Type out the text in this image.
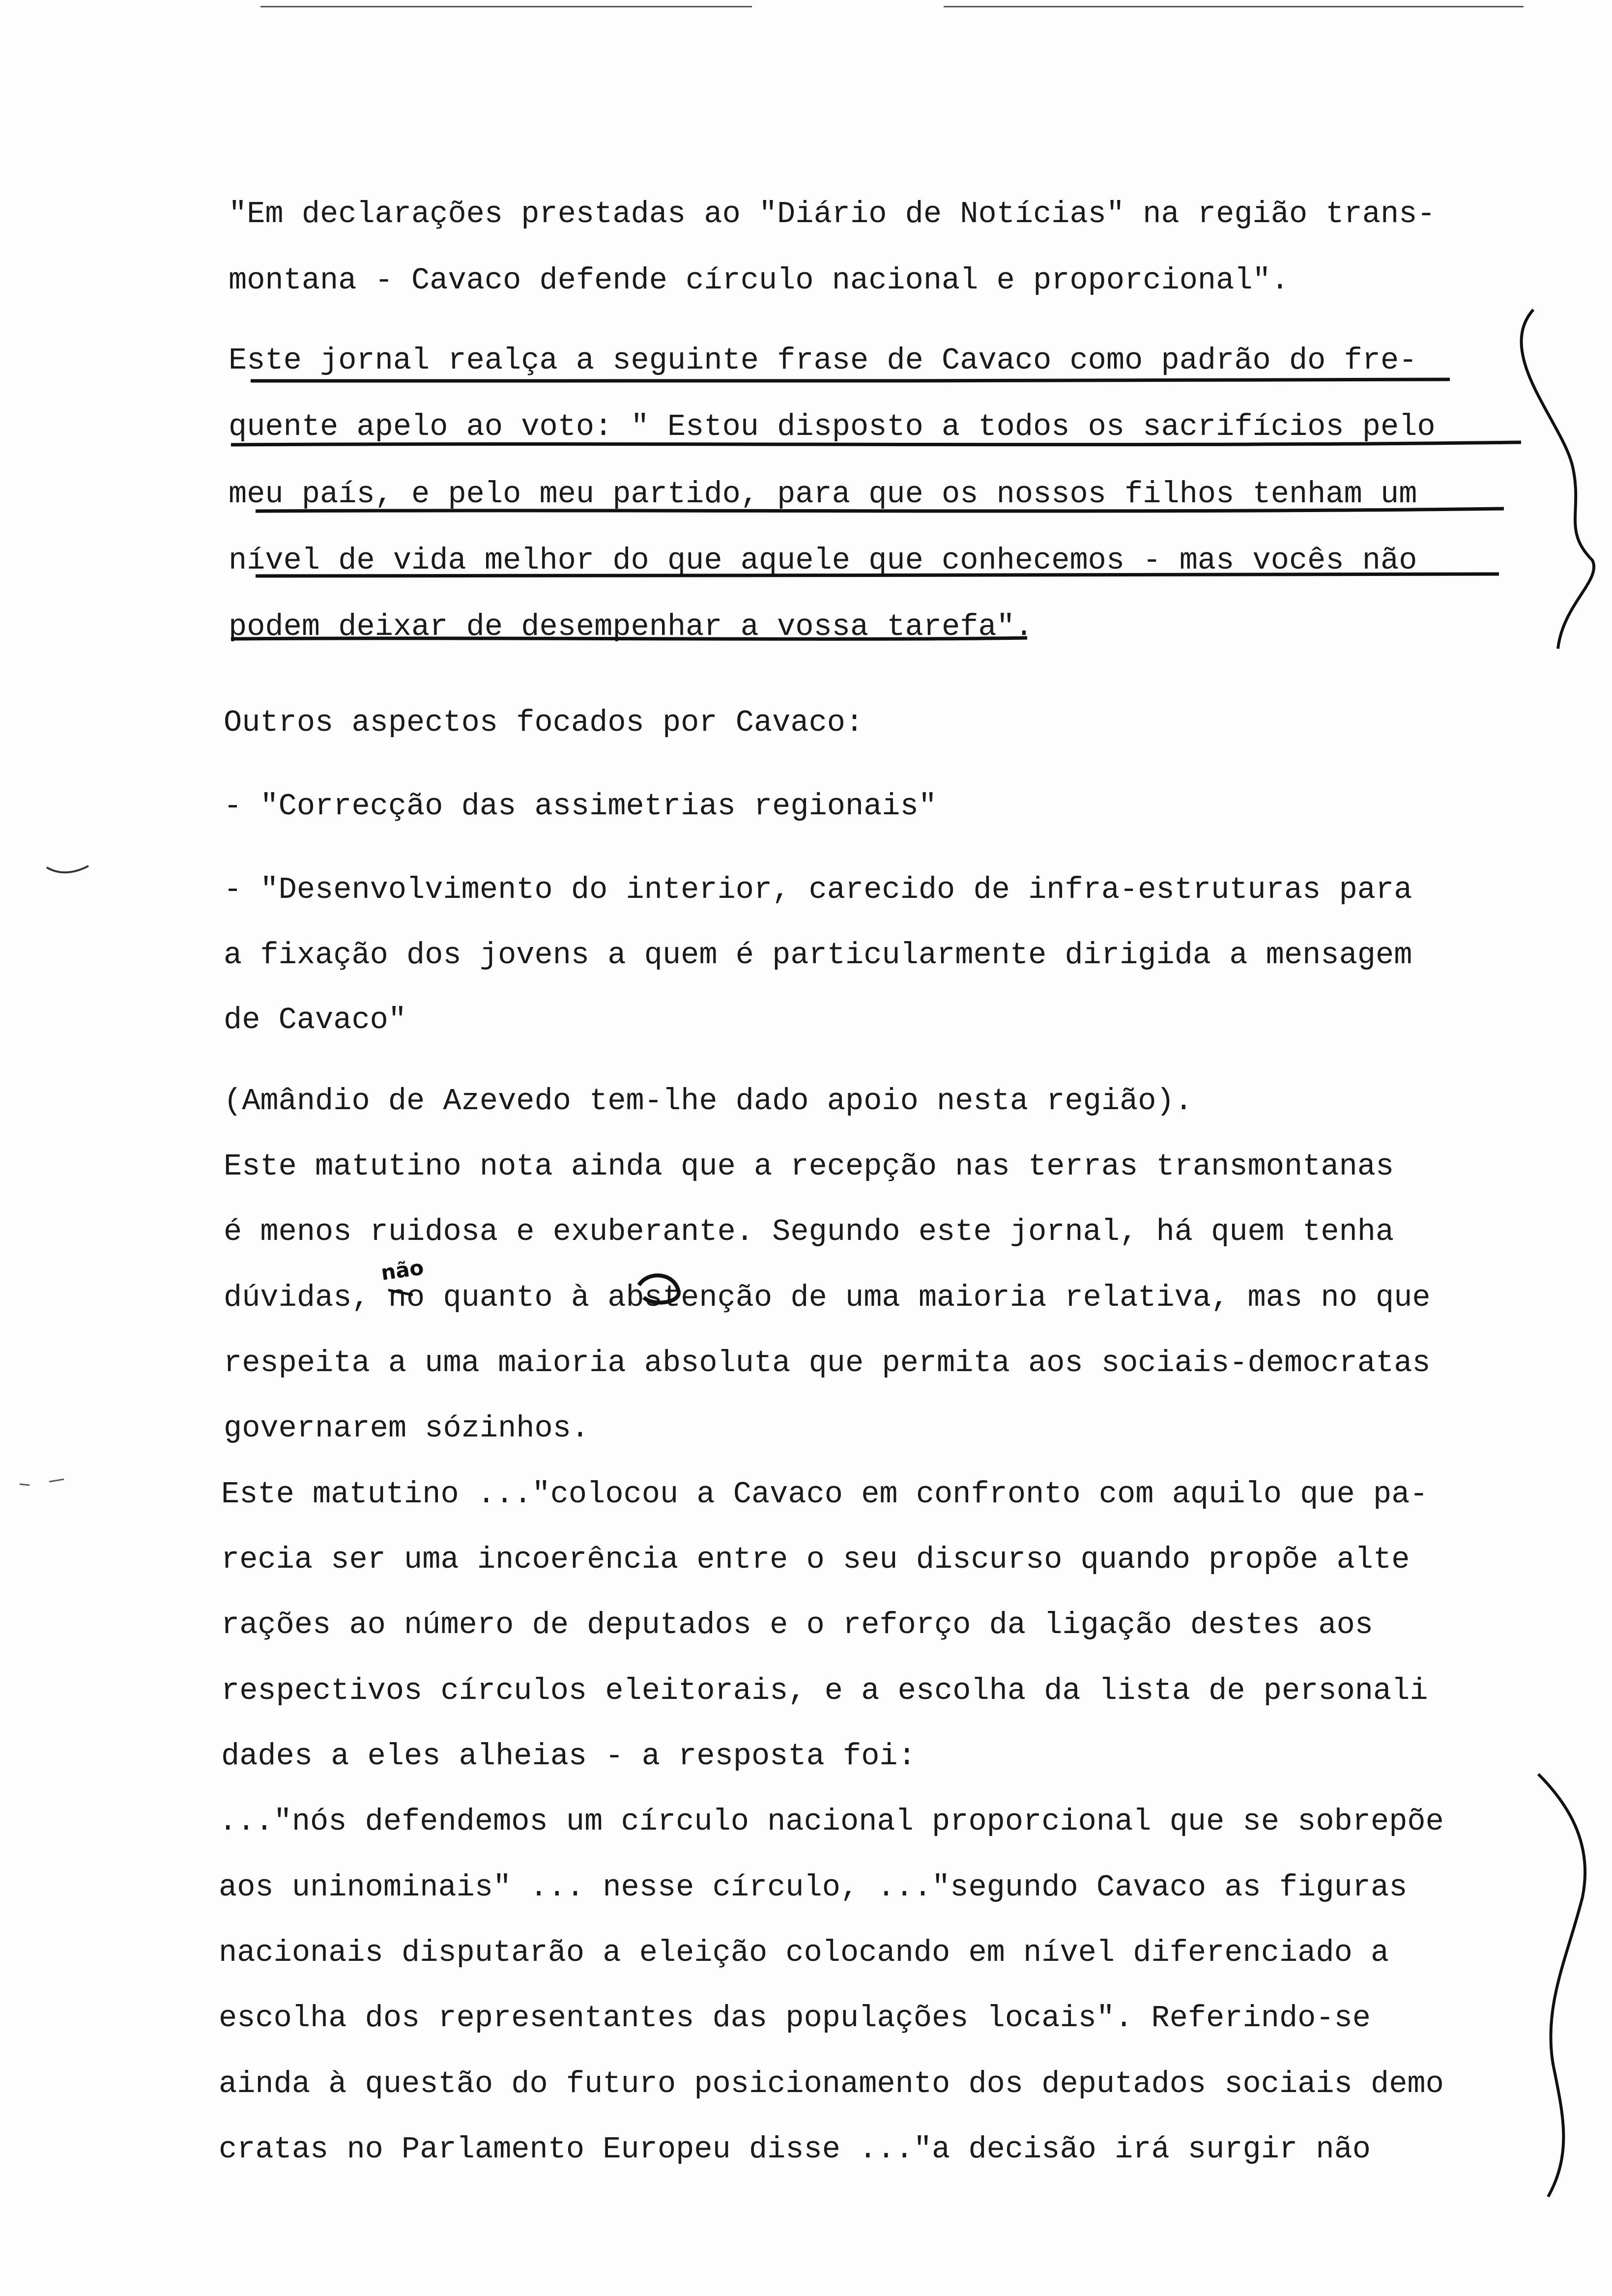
"Em declarações prestadas ao "Diário de Notícias" na região trans-
montana - Cavaco defende círculo nacional e proporcional".
Este jornal realça a seguinte frase de Cavaco como padrão do fre-
quente apelo ao voto: " Estou disposto a todos os sacrifícios pelo
meu país, e pelo meu partido, para que os nossos filhos tenham um
nível de vida melhor do que aquele que conhecemos - mas vocês não
podem deixar de desempenhar a vossa tarefa".
Outros aspectos focados por Cavaco:
- "Correcção das assimetrias regionais"
- "Desenvolvimento do interior, carecido de infra-estruturas para
a fixação dos jovens a quem é particularmente dirigida a mensagem
de Cavaco"
(Amândio de Azevedo tem-lhe dado apoio nesta região).
Este matutino nota ainda que a recepção nas terras transmontanas
é menos ruidosa e exuberante. Segundo este jornal, há quem tenha
dúvidas, no quanto à abstenção de uma maioria relativa, mas no que
respeita a uma maioria absoluta que permita aos sociais-democratas
governarem sózinhos.
Este matutino ..."colocou a Cavaco em confronto com aquilo que pa-
recia ser uma incoerência entre o seu discurso quando propõe alte
rações ao número de deputados e o reforço da ligação destes aos
respectivos círculos eleitorais, e a escolha da lista de personali
dades a eles alheias - a resposta foi:
..."nós defendemos um círculo nacional proporcional que se sobrepõe
aos uninominais" ... nesse círculo, ..."segundo Cavaco as figuras
nacionais disputarão a eleição colocando em nível diferenciado a
escolha dos representantes das populações locais". Referindo-se
ainda à questão do futuro posicionamento dos deputados sociais demo
cratas no Parlamento Europeu disse ..."a decisão irá surgir não
não
